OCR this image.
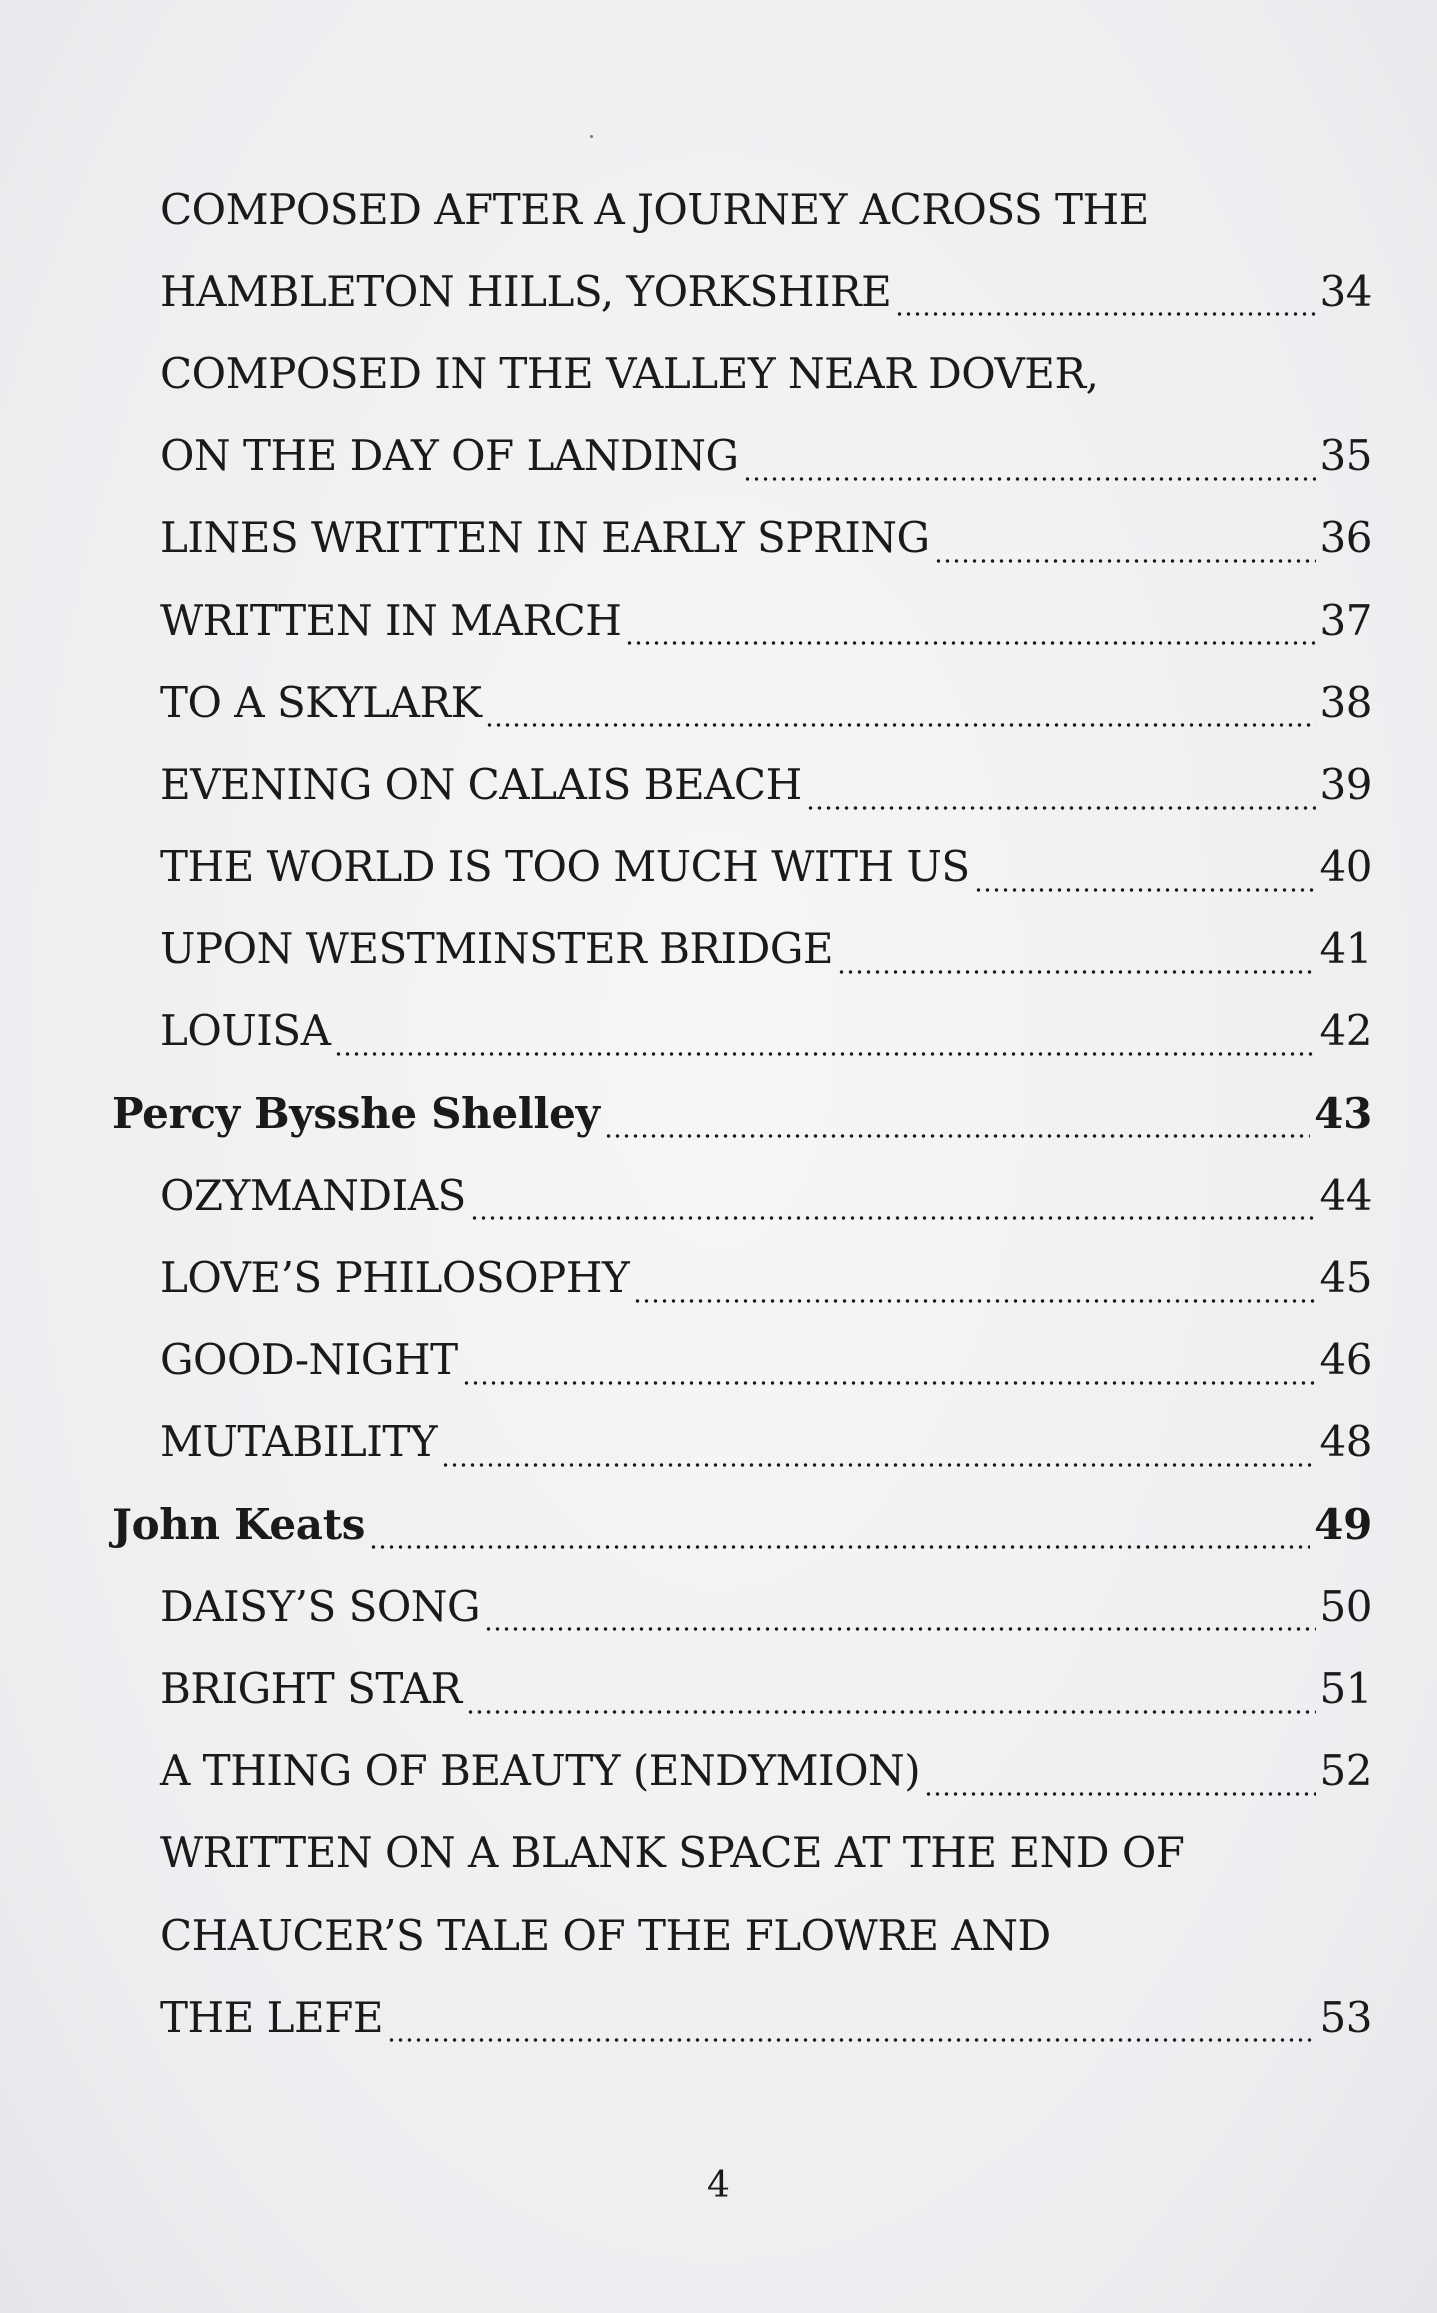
COMPOSED AFTER A JOURNEY ACROSS THE
HAMBLETON HILLS, YORKSHIRE	34
COMPOSED IN THE VALLEY NEAR DOVER,
ON THE DAY OF LANDING	35
LINES WRITTEN IN EARLY SPRING	36
WRITTEN IN MARCH	37
TO A SKYLARK	38
EVENING ON CALAIS BEACH	39
THE WORLD IS TOO MUCH WITH US	40
UPON WESTMINSTER BRIDGE	41
LOUISA	42
Percy Bysshe Shelley	43
OZYMANDIAS	44
LOVE’S PHILOSOPHY	45
GOOD-NIGHT	46
MUTABILITY	48
John Keats	49
DAISY’S SONG	50
BRIGHT STAR	51
A THING OF BEAUTY (ENDYMION)	52
WRITTEN ON A BLANK SPACE AT THE END OF
CHAUCER’S TALE OF THE FLOWRE AND
THE LEFE	53
4
